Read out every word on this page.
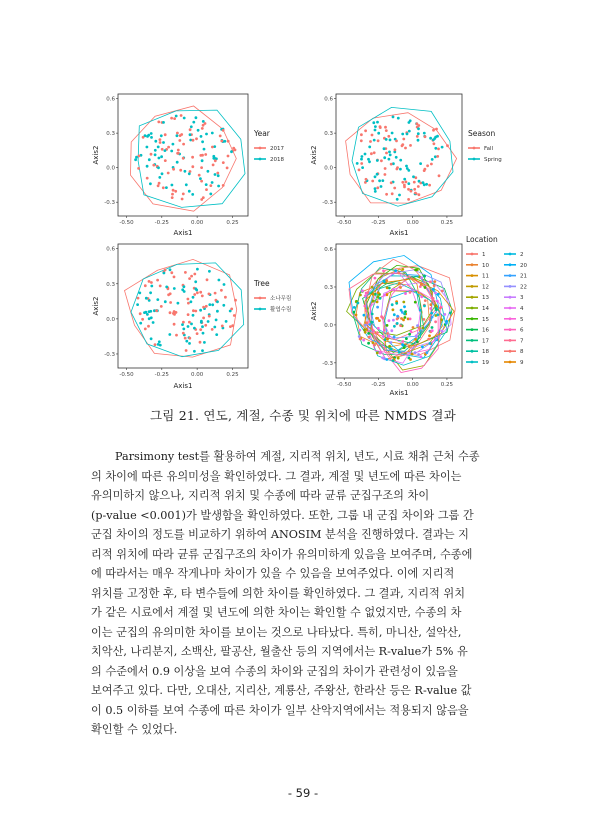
0.6
0.3
0.0
-0.3
-0.50	-0.25	0.00	0.25
Axis1
Axis2
Year
2017
2018
0.6
0.3
0.0
-0.3
-0.50	-0.25	0.00	0.25
Axis1
Axis2
Season
Fall
Spring
0.6
0.3
0.0
-0.3
-0.50	-0.25	0.00	0.25
Axis1
Axis2
Tree
소나무림
활엽수림
0.6
0.3
0.0
-0.3
-0.50	-0.25	0.00	0.25
Axis1
Axis2
Location
1
10
11
12
13
14
15
16
17
18
19
2
20
21
22
3
4
5
6
7
8
9
그림 21. 연도, 계절, 수종 및 위치에 따른 NMDS 결과
Parsimony test를 활용하여 계절, 지리적 위치, 년도, 시료 채취 근처 수종
의 차이에 따른 유의미성을 확인하였다. 그 결과, 계절 및 년도에 따른 차이는
유의미하지 않으나, 지리적 위치 및 수종에 따라 균류 군집구조의 차이
(p-value <0.001)가 발생함을 확인하였다. 또한, 그룹 내 군집 차이와 그룹 간
군집 차이의 정도를 비교하기 위하여 ANOSIM 분석을 진행하였다. 결과는 지
리적 위치에 따라 균류 군집구조의 차이가 유의미하게 있음을 보여주며, 수종에
에 따라서는 매우 작게나마 차이가 있을 수 있음을 보여주었다. 이에 지리적
위치를 고정한 후, 타 변수들에 의한 차이를 확인하였다. 그 결과, 지리적 위치
가 같은 시료에서 계절 및 년도에 의한 차이는 확인할 수 없었지만, 수종의 차
이는 군집의 유의미한 차이를 보이는 것으로 나타났다. 특히, 마니산, 설악산,
치악산, 나리분지, 소백산, 팔공산, 월출산 등의 지역에서는 R-value가 5% 유
의 수준에서 0.9 이상을 보여 수종의 차이와 군집의 차이가 관련성이 있음을
보여주고 있다. 다만, 오대산, 지리산, 계룡산, 주왕산, 한라산 등은 R-value 값
이 0.5 이하를 보여 수종에 따른 차이가 일부 산악지역에서는 적용되지 않음을
확인할 수 있었다.
- 59 -
